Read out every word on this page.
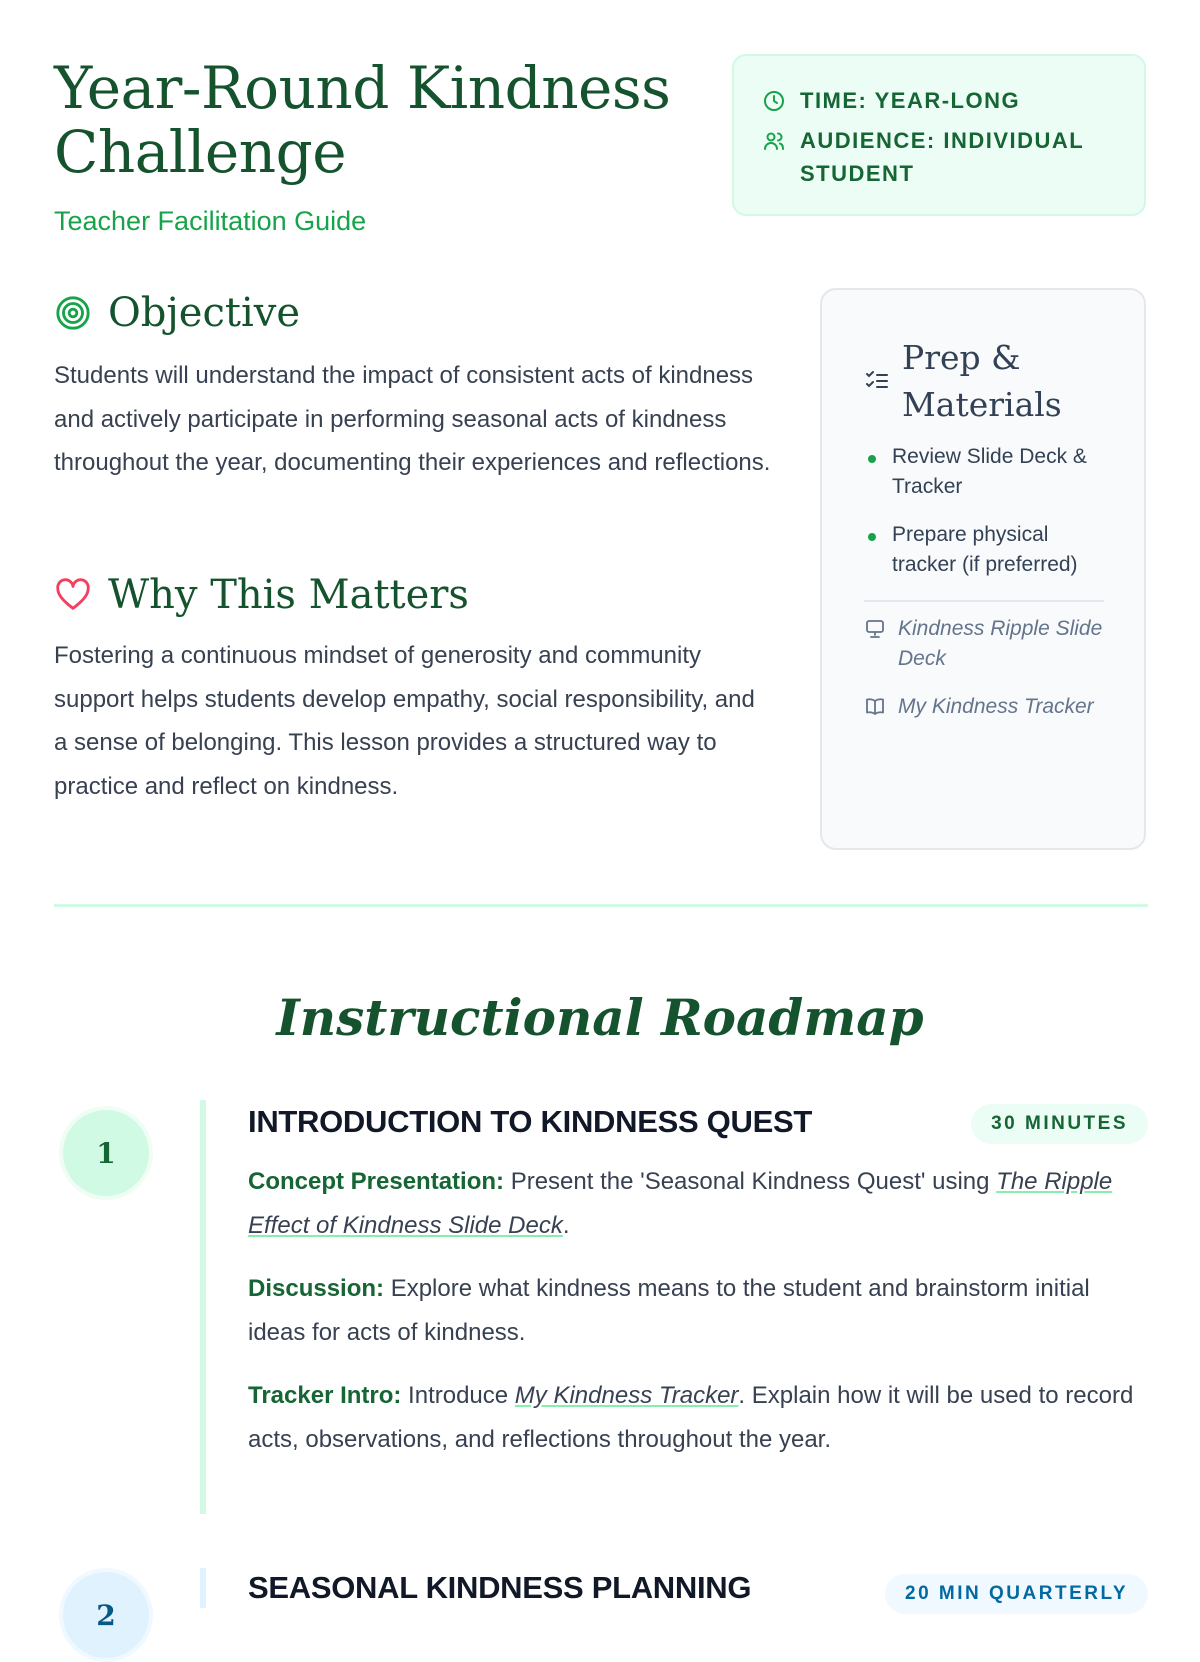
Year-Round Kindness Challenge
Teacher Facilitation Guide
TIME: YEAR-LONG
AUDIENCE: INDIVIDUAL STUDENT
Objective

Students will understand the impact of consistent acts of kindness and actively participate in performing seasonal acts of kindness throughout the year, documenting their experiences and reflections.

Why This Matters

Fostering a continuous mindset of generosity and community support helps students develop empathy, social responsibility, and a sense of belonging. This lesson provides a structured way to practice and reflect on kindness.

Prep & Materials
Review Slide Deck & Tracker
Prepare physical tracker (if preferred)
Kindness Ripple Slide Deck
My Kindness Tracker
Instructional Roadmap
1
INTRODUCTION TO KINDNESS QUEST	30 MINUTES

Concept Presentation: Present the 'Seasonal Kindness Quest' using The Ripple Effect of Kindness Slide Deck.

Discussion: Explore what kindness means to the student and brainstorm initial ideas for acts of kindness.

Tracker Intro: Introduce My Kindness Tracker. Explain how it will be used to record acts, observations, and reflections throughout the year.

2
SEASONAL KINDNESS PLANNING	20 MIN QUARTERLY
